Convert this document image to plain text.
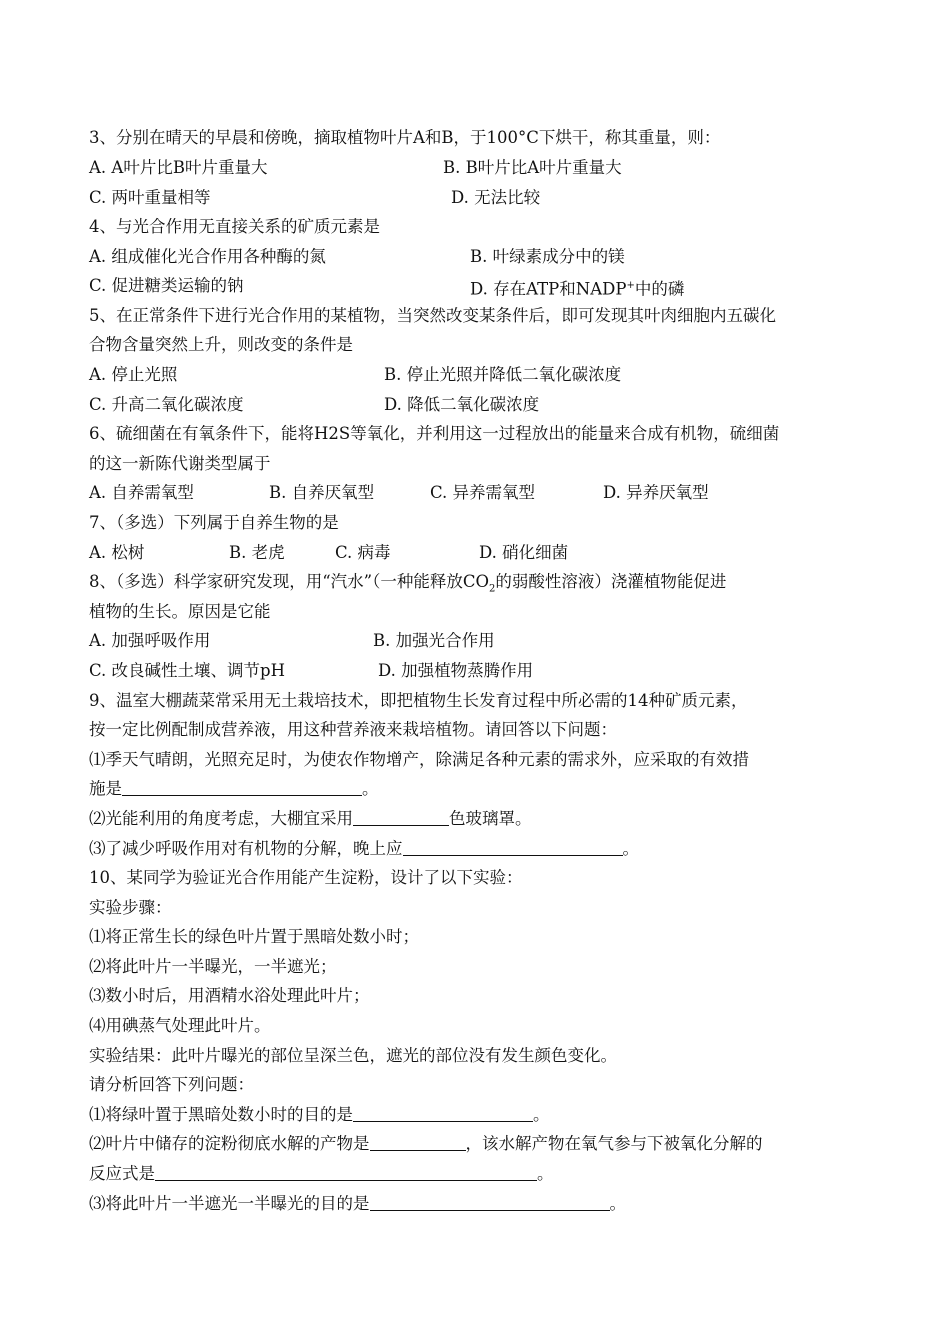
3、分别在晴天的早晨和傍晚，摘取植物叶片A和B，于100°C下烘干，称其重量，则：
A. A叶片比B叶片重量大	B. B叶片比A叶片重量大
C. 两叶重量相等	D. 无法比较
4、与光合作用无直接关系的矿质元素是
A. 组成催化光合作用各种酶的氮	B. 叶绿素成分中的镁
C. 促进糖类运输的钠	D. 存在ATP和NADP+中的磷
5、在正常条件下进行光合作用的某植物，当突然改变某条件后，即可发现其叶肉细胞内五碳化
合物含量突然上升，则改变的条件是
A. 停止光照	B. 停止光照并降低二氧化碳浓度
C. 升高二氧化碳浓度	D. 降低二氧化碳浓度
6、硫细菌在有氧条件下，能将H2S等氧化，并利用这一过程放出的能量来合成有机物，硫细菌
的这一新陈代谢类型属于
A. 自养需氧型	B. 自养厌氧型	C. 异养需氧型	D. 异养厌氧型
7、（多选）下列属于自养生物的是
A. 松树	B. 老虎	C. 病毒	D. 硝化细菌
8、（多选）科学家研究发现，用“汽水”（一种能释放$CO_2$的弱酸性溶液）浇灌植物能促进
植物的生长。原因是它能
A. 加强呼吸作用	B. 加强光合作用
C. 改良碱性土壤、调节pH	D. 加强植物蒸腾作用
9、温室大棚蔬菜常采用无土栽培技术，即把植物生长发育过程中所必需的14种矿质元素，
按一定比例配制成营养液，用这种营养液来栽培植物。请回答以下问题：
⑴季天气晴朗，光照充足时，为使农作物增产，除满足各种元素的需求外，应采取的有效措
施是	。
⑵光能利用的角度考虑，大棚宜采用	色玻璃罩。
⑶了减少呼吸作用对有机物的分解，晚上应	。
10、某同学为验证光合作用能产生淀粉，设计了以下实验：
实验步骤：
⑴将正常生长的绿色叶片置于黑暗处数小时；
⑵将此叶片一半曝光，一半遮光；
⑶数小时后，用酒精水浴处理此叶片；
⑷用碘蒸气处理此叶片。
实验结果：此叶片曝光的部位呈深兰色，遮光的部位没有发生颜色变化。
请分析回答下列问题：
⑴将绿叶置于黑暗处数小时的目的是	。
⑵叶片中储存的淀粉彻底水解的产物是	，该水解产物在氧气参与下被氧化分解的
反应式是	。
⑶将此叶片一半遮光一半曝光的目的是	。
